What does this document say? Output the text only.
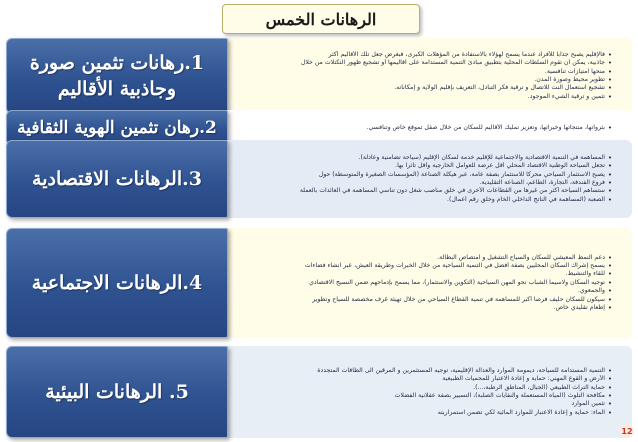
الرهانات الخمس
• فالإقليم يصبح جذابا للأفراد عندما يسمح لهؤلاء بالاستفادة من المؤهلات الكبرى، فبغرض جعل تلك الأقاليم أكثر
• جاذبية، يمكن أن تقوم السلطات المحلية بتطبيق مبادئ التنمية المستدامة على أقاليمها أو تشجيع ظهور التكتلات من خلال
• منحها امتيازات تنافسية.
• تطوير محيط وصورة المدن.
• تشجيع استعمال النت للاتصال و ترقية فكر التبادل، التعريف بإقليم الولاية و إمكاناته.
• تثمين و ترقية الشيء الموجود.
1.رهانات تثمين صورة
وجاذبية الأقاليم
• بثرواتها، منتجاتها وخيراتها، وتعزيز تمليك الأقاليم للسكان من خلال صقل تموقع خاص وتنافسي.
2.رهان تثمين الهوية الثقافية
• المساهمة في التنمية الاقتصادية والاجتماعية للإقليم خدمة لسكان الإقليم (سياحة تضامنية وعادلة).
• تجعل السياحة الوطنية الاقتصاد المحلي أقل عرضة للعوامل الخارجية وأقل تأثرا بها.
• يصبح الاستثمار السياحي محركا للاستثمار بصفة عامة، عبر هيكلة الصناعة (المؤسسات الصغيرة والمتوسطة) حول
• فروع الفندقة، التجارة، الطاعم، الصناعة التقليدية.
• ستساهم السياحة أكثر من غيرها من القطاعات الأخرى في خلق مناصب شغل دون تناسي المساهمة في العائدات بالعملة
• الصعبة (المساهمة في الناتج الداخلي الخام وخلق رقم أعمال).
3.الرهانات الاقتصادية
• دعم النمط المعيشي للسكان والسياح التشغيل و امتصاص البطالة.
• يسمح إشراك السكان المحليين بصفة أفضل في التنمية السياحية من خلال الخبرات وطريقة العيش، عبر انشاء فضاءات
• للقاء والتنشيط.
• توجيه السكان ولاسيما الشباب نحو المهن السياحية (التكوين والاستثمار)، مما يسمح بإدماجهم ضمن النسيج الاقتصادي
• والجمعوي.
• سيكون للسكان حليف فرصا أكبر للمساهمة في تنمية القطاع السياحي من خلال تهيئة غرف مخصصة للسياح وتطوير
• إطعام تقليدي خاص.
4.الرهانات الاجتماعية
• التنمية المستدامة للسياحة، ديمومة الموارد والعدالة الإقليمية، توجيه المستثمرين و المرقين الى الطاقات المتجددة
• الأرض و القوع المهني: حماية و إعادة الاعتبار للمحميات الطبيعية
• حماية التراث الطبيعي (الجبال، المناطق الرطبة،...).
• مكافحة التلوث (المياه المستعملة والنفايات الصلبة)، التسيير بصفة عقلانية الفضلات
• تثمين الموارد
• الماء: حماية و إعادة الاعتبار للموارد المائية لكي تضمن استمراريته
5. الرهانات البيئية
12
